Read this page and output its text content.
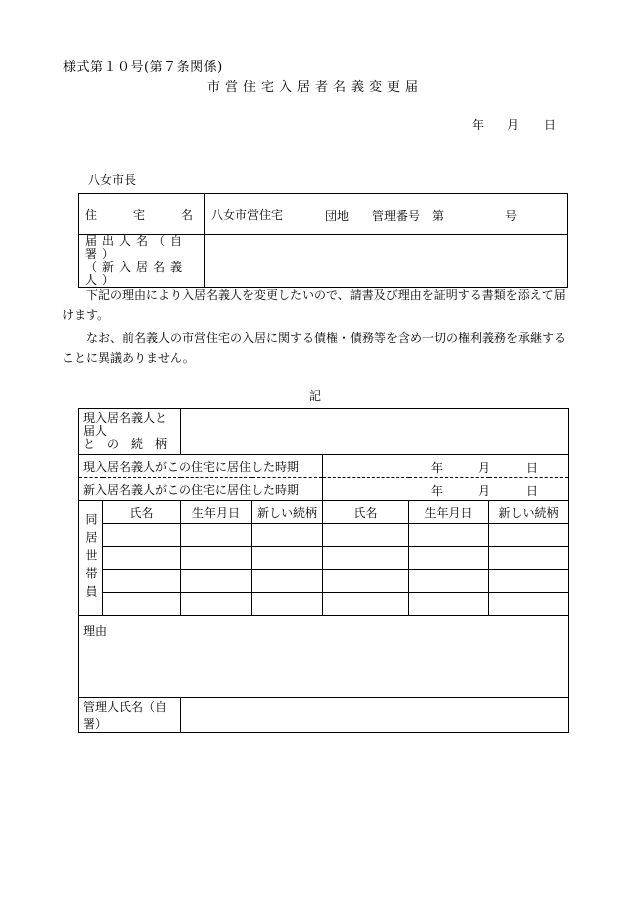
様式第１０号(第７条関係)
市営住宅入居者名義変更届
年 月 日
八女市長
住　　　宅　　　名	八女市営住宅 団地 管理番号 第 号

届出人名（自署）
（新入居名義人）	

下記の理由により入居名義人を変更したいので、請書及び理由を証明する書類を添えて届けます。
なお、前名義人の市営住宅の入居に関する債権・債務等を含め一切の権利義務を承継することに異議ありません。
記
現入居名義人と届人
と　の　続　柄						

現入居名義人がこの住宅に居住した時期				年 月 日		

新入居名義人がこの住宅に居住した時期				年 月 日		

同居世帯員	氏名	生年月日	新しい続柄	氏名	生年月日	新しい続柄

理由						
管理人氏名（自署）						
